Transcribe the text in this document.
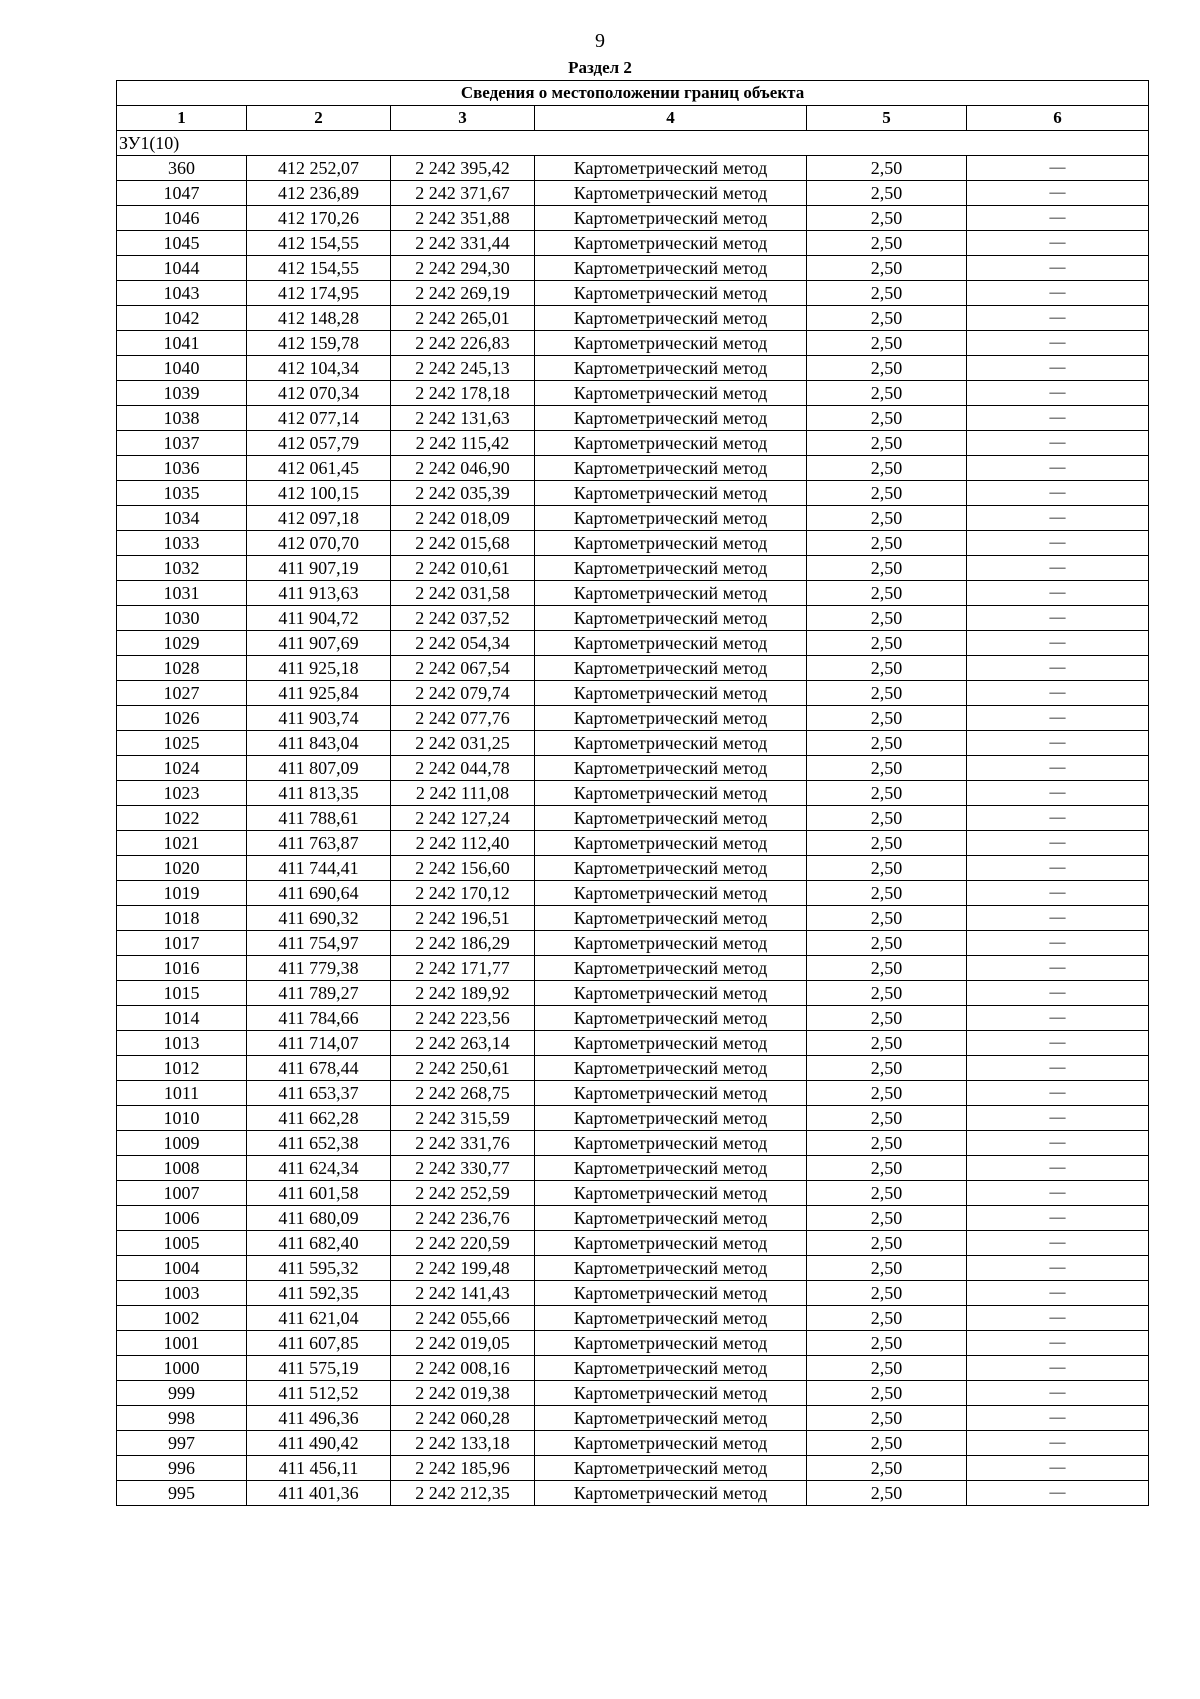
9
Раздел 2
Сведения о местоположении границ объекта					
1	2	3	4	5	6
ЗУ1(10)					
360	412 252,07	2 242 395,42	Картометрический метод	2,50	—
1047	412 236,89	2 242 371,67	Картометрический метод	2,50	—
1046	412 170,26	2 242 351,88	Картометрический метод	2,50	—
1045	412 154,55	2 242 331,44	Картометрический метод	2,50	—
1044	412 154,55	2 242 294,30	Картометрический метод	2,50	—
1043	412 174,95	2 242 269,19	Картометрический метод	2,50	—
1042	412 148,28	2 242 265,01	Картометрический метод	2,50	—
1041	412 159,78	2 242 226,83	Картометрический метод	2,50	—
1040	412 104,34	2 242 245,13	Картометрический метод	2,50	—
1039	412 070,34	2 242 178,18	Картометрический метод	2,50	—
1038	412 077,14	2 242 131,63	Картометрический метод	2,50	—
1037	412 057,79	2 242 115,42	Картометрический метод	2,50	—
1036	412 061,45	2 242 046,90	Картометрический метод	2,50	—
1035	412 100,15	2 242 035,39	Картометрический метод	2,50	—
1034	412 097,18	2 242 018,09	Картометрический метод	2,50	—
1033	412 070,70	2 242 015,68	Картометрический метод	2,50	—
1032	411 907,19	2 242 010,61	Картометрический метод	2,50	—
1031	411 913,63	2 242 031,58	Картометрический метод	2,50	—
1030	411 904,72	2 242 037,52	Картометрический метод	2,50	—
1029	411 907,69	2 242 054,34	Картометрический метод	2,50	—
1028	411 925,18	2 242 067,54	Картометрический метод	2,50	—
1027	411 925,84	2 242 079,74	Картометрический метод	2,50	—
1026	411 903,74	2 242 077,76	Картометрический метод	2,50	—
1025	411 843,04	2 242 031,25	Картометрический метод	2,50	—
1024	411 807,09	2 242 044,78	Картометрический метод	2,50	—
1023	411 813,35	2 242 111,08	Картометрический метод	2,50	—
1022	411 788,61	2 242 127,24	Картометрический метод	2,50	—
1021	411 763,87	2 242 112,40	Картометрический метод	2,50	—
1020	411 744,41	2 242 156,60	Картометрический метод	2,50	—
1019	411 690,64	2 242 170,12	Картометрический метод	2,50	—
1018	411 690,32	2 242 196,51	Картометрический метод	2,50	—
1017	411 754,97	2 242 186,29	Картометрический метод	2,50	—
1016	411 779,38	2 242 171,77	Картометрический метод	2,50	—
1015	411 789,27	2 242 189,92	Картометрический метод	2,50	—
1014	411 784,66	2 242 223,56	Картометрический метод	2,50	—
1013	411 714,07	2 242 263,14	Картометрический метод	2,50	—
1012	411 678,44	2 242 250,61	Картометрический метод	2,50	—
1011	411 653,37	2 242 268,75	Картометрический метод	2,50	—
1010	411 662,28	2 242 315,59	Картометрический метод	2,50	—
1009	411 652,38	2 242 331,76	Картометрический метод	2,50	—
1008	411 624,34	2 242 330,77	Картометрический метод	2,50	—
1007	411 601,58	2 242 252,59	Картометрический метод	2,50	—
1006	411 680,09	2 242 236,76	Картометрический метод	2,50	—
1005	411 682,40	2 242 220,59	Картометрический метод	2,50	—
1004	411 595,32	2 242 199,48	Картометрический метод	2,50	—
1003	411 592,35	2 242 141,43	Картометрический метод	2,50	—
1002	411 621,04	2 242 055,66	Картометрический метод	2,50	—
1001	411 607,85	2 242 019,05	Картометрический метод	2,50	—
1000	411 575,19	2 242 008,16	Картометрический метод	2,50	—
999	411 512,52	2 242 019,38	Картометрический метод	2,50	—
998	411 496,36	2 242 060,28	Картометрический метод	2,50	—
997	411 490,42	2 242 133,18	Картометрический метод	2,50	—
996	411 456,11	2 242 185,96	Картометрический метод	2,50	—
995	411 401,36	2 242 212,35	Картометрический метод	2,50	—
